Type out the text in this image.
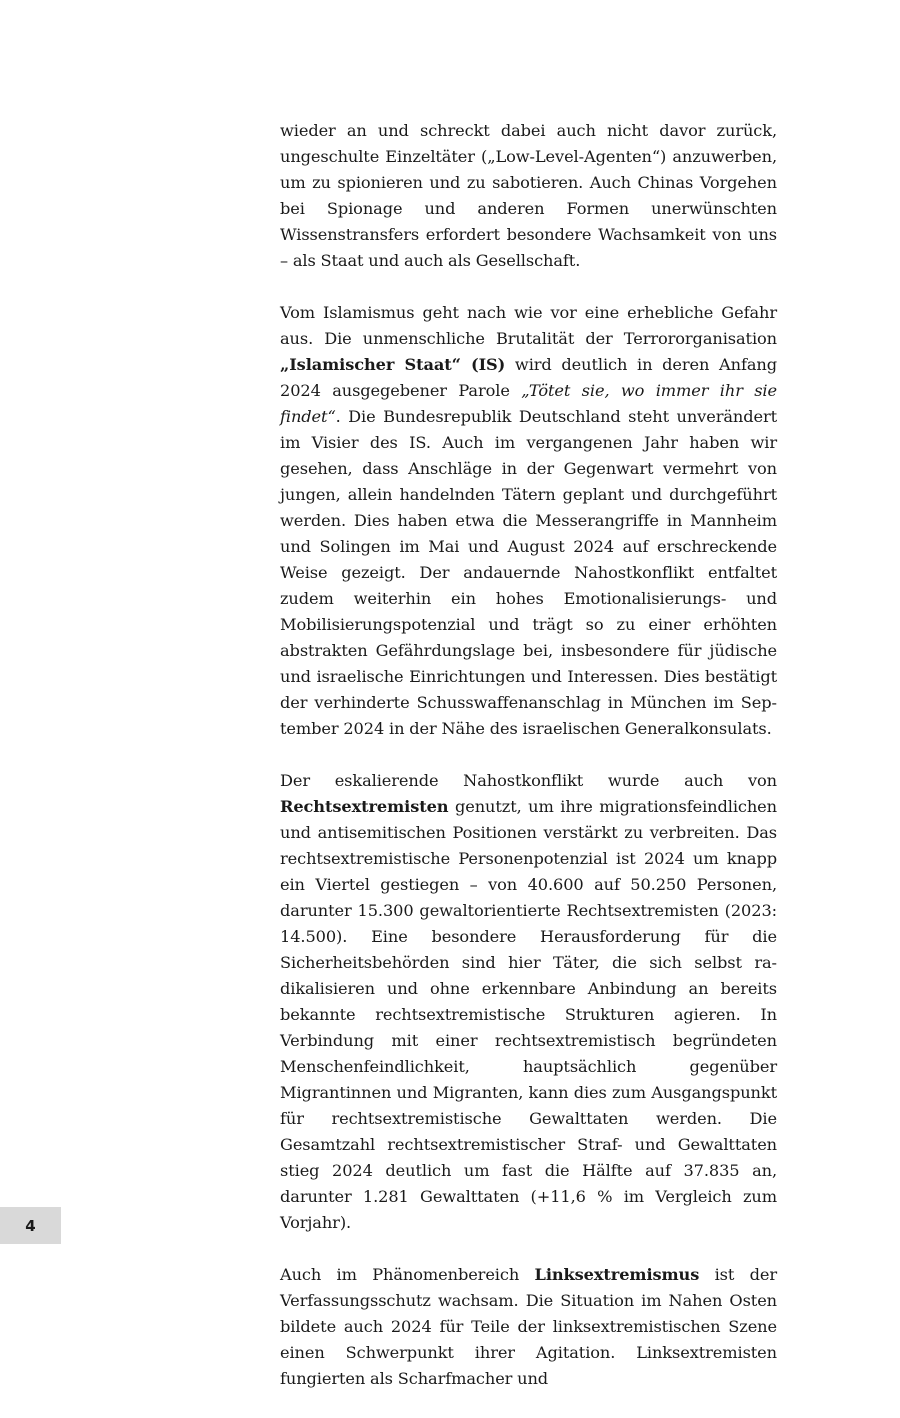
wieder an und schreckt dabei auch nicht davor zurück, ungeschulte Einzeltäter („Low-Level-Agenten“) anzuwerben, um zu spionieren und zu sabotieren. Auch Chinas Vorgehen bei Spionage und anderen Formen unerwünschten Wissenstransfers erfordert besondere Wachsamkeit von uns – als Staat und auch als Gesellschaft.

Vom Islamismus geht nach wie vor eine erhebliche Gefahr aus. Die unmenschliche Brutalität der Terrororganisation „Islamischer Staat“ (IS) wird deutlich in deren Anfang 2024 ausgegebener Parole „Tötet sie, wo immer ihr sie findet“. Die Bundesrepublik Deutschland steht unverändert im Visier des IS. Auch im vergangenen Jahr haben wir gesehen, dass Anschläge in der Gegenwart vermehrt von jungen, allein handelnden Tätern geplant und durchgeführt werden. Dies haben etwa die Messerangriffe in Mannheim und Solingen im Mai und August 2024 auf erschreckende Weise gezeigt. Der andauernde Nahostkonflikt entfaltet zudem weiterhin ein hohes Emotionalisierungs- und Mobilisierungspotenzial und trägt so zu einer erhöhten abstrakten Gefährdungslage bei, insbesondere für jüdische und israelische Einrichtungen und Interessen. Dies bestätigt der verhinderte Schusswaffenanschlag in München im September 2024 in der Nähe des israelischen Generalkonsulats.

Der eskalierende Nahostkonflikt wurde auch von Rechtsextremisten genutzt, um ihre migrationsfeindlichen und antisemitischen Positionen verstärkt zu verbreiten. Das rechtsextremistische Personenpotenzial ist 2024 um knapp ein Viertel gestiegen – von 40.600 auf 50.250 Personen, darunter 15.300 gewaltorientierte Rechtsextremisten (2023: 14.500). Eine besondere Herausforderung für die Sicherheitsbehörden sind hier Täter, die sich selbst radikalisieren und ohne erkennbare Anbindung an bereits bekannte rechtsextremistische Strukturen agieren. In Verbindung mit einer rechtsextremistisch begründeten Menschenfeindlichkeit, hauptsächlich gegenüber Migrantinnen und Migranten, kann dies zum Ausgangspunkt für rechtsextremistische Gewalttaten werden. Die Gesamtzahl rechtsextremistischer Straf- und Gewalttaten stieg 2024 deutlich um fast die Hälfte auf 37.835 an, darunter 1.281 Gewalttaten (+11,6 % im Vergleich zum Vorjahr).

Auch im Phänomenbereich Linksextremismus ist der Verfassungsschutz wachsam. Die Situation im Nahen Osten bildete auch 2024 für Teile der linksextremistischen Szene einen Schwerpunkt ihrer Agitation. Linksextremisten fungierten als Scharfmacher und

4
